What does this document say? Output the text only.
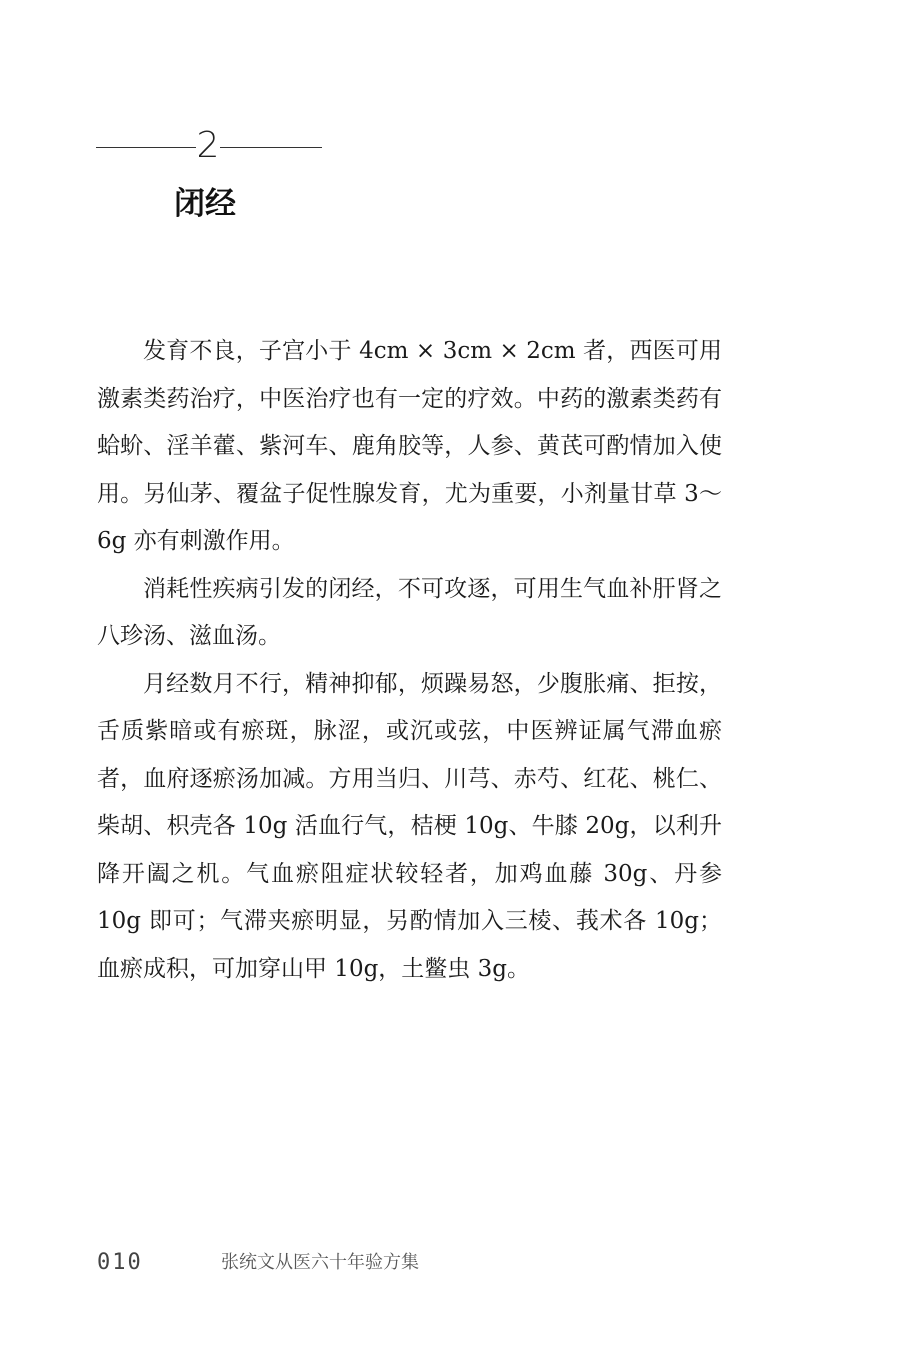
2
闭经

发育不良，子宫小于 4cm × 3cm × 2cm 者，西医可用激素类药治疗，中医治疗也有一定的疗效。中药的激素类药有蛤蚧、淫羊藿、紫河车、鹿角胶等，人参、黄芪可酌情加入使用。另仙茅、覆盆子促性腺发育，尤为重要，小剂量甘草 3～6g 亦有刺激作用。

消耗性疾病引发的闭经，不可攻逐，可用生气血补肝肾之八珍汤、滋血汤。

月经数月不行，精神抑郁，烦躁易怒，少腹胀痛、拒按，舌质紫暗或有瘀斑，脉涩，或沉或弦，中医辨证属气滞血瘀者，血府逐瘀汤加减。方用当归、川芎、赤芍、红花、桃仁、柴胡、枳壳各 10g 活血行气，桔梗 10g、牛膝 20g，以利升降开阖之机。气血瘀阻症状较轻者，加鸡血藤 30g、丹参 10g 即可；气滞夹瘀明显，另酌情加入三棱、莪术各 10g；血瘀成积，可加穿山甲 10g，土鳖虫 3g。

010	张统文从医六十年验方集
